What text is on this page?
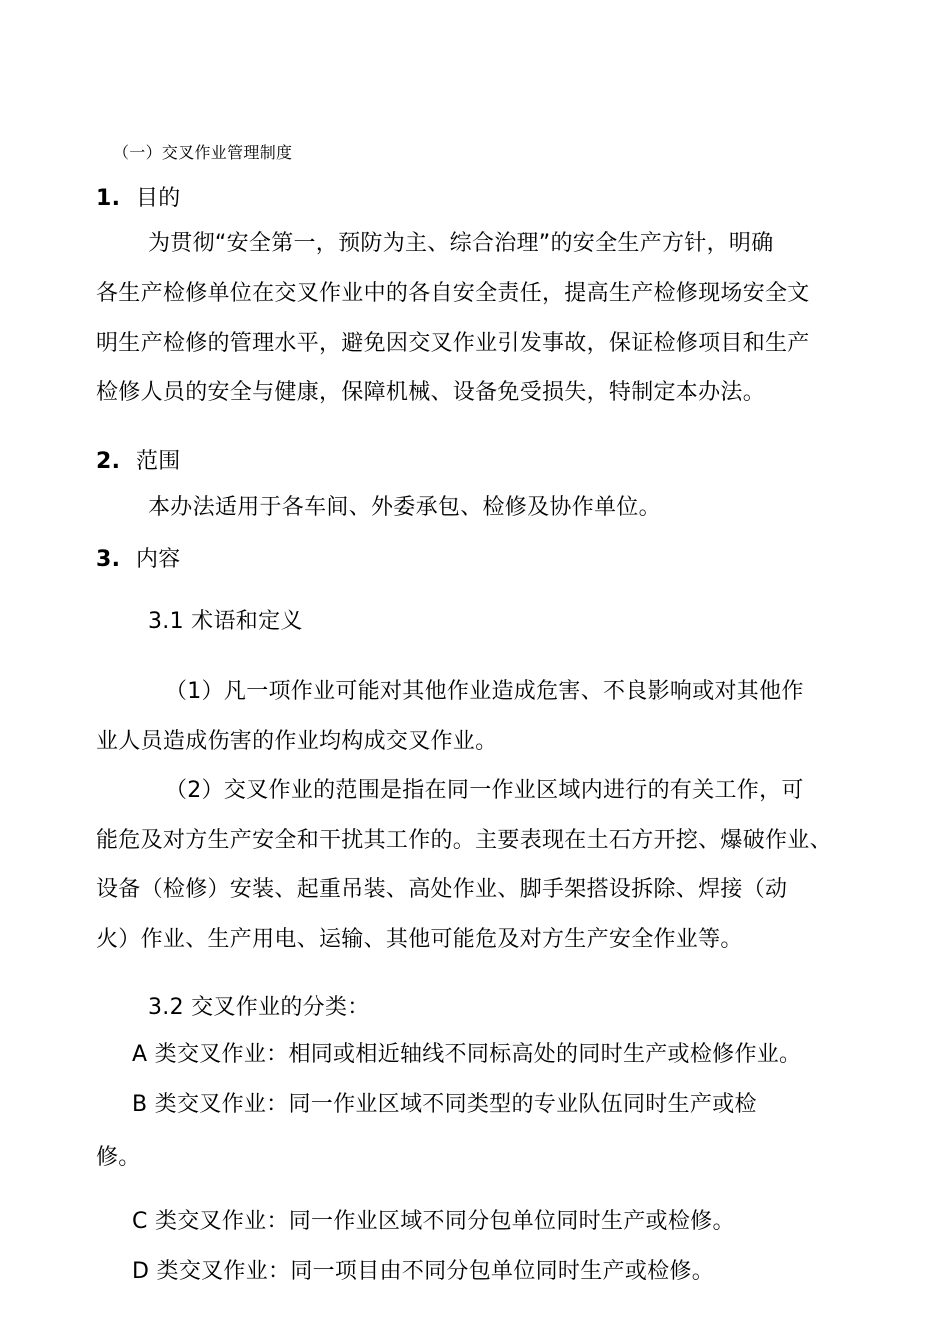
（一）交叉作业管理制度
1. 目的
为贯彻“安全第一，预防为主、综合治理”的安全生产方针，明确
各生产检修单位在交叉作业中的各自安全责任，提高生产检修现场安全文
明生产检修的管理水平，避免因交叉作业引发事故，保证检修项目和生产
检修人员的安全与健康，保障机械、设备免受损失，特制定本办法。
2. 范围
本办法适用于各车间、外委承包、检修及协作单位。
3. 内容
3.1 术语和定义
（1）凡一项作业可能对其他作业造成危害、不良影响或对其他作
业人员造成伤害的作业均构成交叉作业。
（2）交叉作业的范围是指在同一作业区域内进行的有关工作，可
能危及对方生产安全和干扰其工作的。主要表现在土石方开挖、爆破作业、
设备（检修）安装、起重吊装、高处作业、脚手架搭设拆除、焊接（动
火）作业、生产用电、运输、其他可能危及对方生产安全作业等。
3.2 交叉作业的分类：
A 类交叉作业：相同或相近轴线不同标高处的同时生产或检修作业。
B 类交叉作业：同一作业区域不同类型的专业队伍同时生产或检
修。
C 类交叉作业：同一作业区域不同分包单位同时生产或检修。
D 类交叉作业：同一项目由不同分包单位同时生产或检修。
